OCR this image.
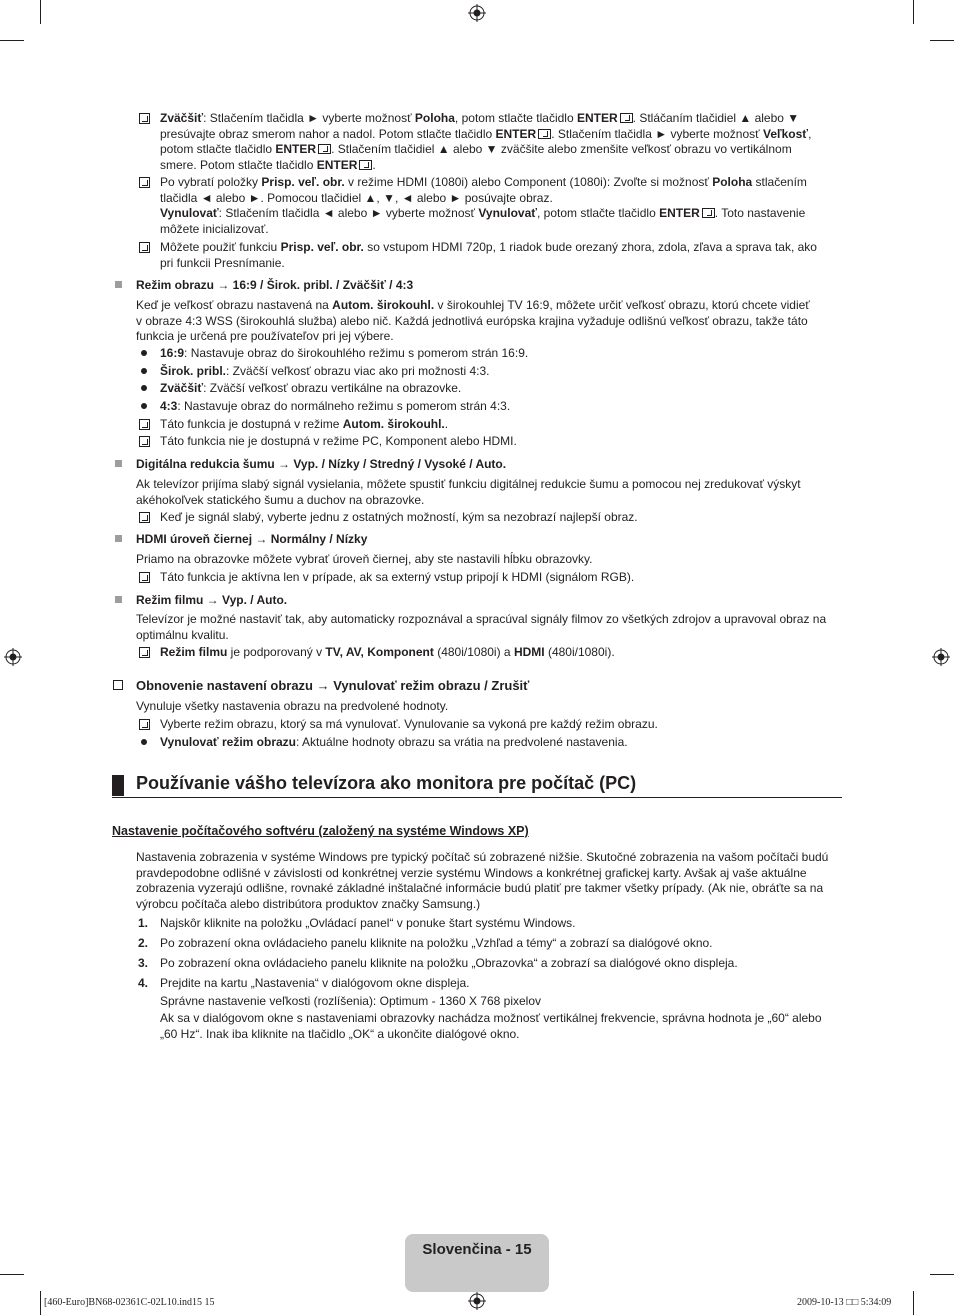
Zväčšiť: Stlačením tlačidla ► vyberte možnosť Poloha, potom stlačte tlačidlo ENTER . Stláčaním tlačidiel ▲ alebo ▼
presúvajte obraz smerom nahor a nadol. Potom stlačte tlačidlo ENTER . Stlačením tlačidla ► vyberte možnosť Veľkosť,
potom stlačte tlačidlo ENTER . Stlačením tlačidiel ▲ alebo ▼ zväčšite alebo zmenšite veľkosť obrazu vo vertikálnom
smere. Potom stlačte tlačidlo ENTER .
Po vybratí položky Prisp. veľ. obr. v režime HDMI (1080i) alebo Component (1080i): Zvoľte si možnosť Poloha stlačením
tlačidla ◄ alebo ►. Pomocou tlačidiel ▲, ▼, ◄ alebo ► posúvajte obraz.
Vynulovať: Stlačením tlačidla ◄ alebo ► vyberte možnosť Vynulovať, potom stlačte tlačidlo ENTER . Toto nastavenie
môžete inicializovať.
Môžete použiť funkciu Prisp. veľ. obr. so vstupom HDMI 720p, 1 riadok bude orezaný zhora, zdola, zľava a sprava tak, ako
pri funkcii Presnímanie.
Režim obrazu → 16:9 / Širok. pribl. / Zväčšiť / 4:3
Keď je veľkosť obrazu nastavená na Autom. širokouhl. v širokouhlej TV 16:9, môžete určiť veľkosť obrazu, ktorú chcete vidieť
v obraze 4:3 WSS (širokouhlá služba) alebo nič. Každá jednotlivá európska krajina vyžaduje odlišnú veľkosť obrazu, takže táto
funkcia je určená pre používateľov pri jej výbere.
16:9: Nastavuje obraz do širokouhlého režimu s pomerom strán 16:9.
Širok. pribl.: Zväčší veľkosť obrazu viac ako pri možnosti 4:3.
Zväčšiť: Zväčší veľkosť obrazu vertikálne na obrazovke.
4:3: Nastavuje obraz do normálneho režimu s pomerom strán 4:3.
Táto funkcia je dostupná v režime Autom. širokouhl..
Táto funkcia nie je dostupná v režime PC, Komponent alebo HDMI.
Digitálna redukcia šumu → Vyp. / Nízky / Stredný / Vysoké / Auto.
Ak televízor prijíma slabý signál vysielania, môžete spustiť funkciu digitálnej redukcie šumu a pomocou nej zredukovať výskyt
akéhokoľvek statického šumu a duchov na obrazovke.
Keď je signál slabý, vyberte jednu z ostatných možností, kým sa nezobrazí najlepší obraz.
HDMI úroveň čiernej → Normálny / Nízky
Priamo na obrazovke môžete vybrať úroveň čiernej, aby ste nastavili hĺbku obrazovky.
Táto funkcia je aktívna len v prípade, ak sa externý vstup pripojí k HDMI (signálom RGB).
Režim filmu → Vyp. / Auto.
Televízor je možné nastaviť tak, aby automaticky rozpoznával a spracúval signály filmov zo všetkých zdrojov a upravoval obraz na
optimálnu kvalitu.
Režim filmu je podporovaný v TV, AV, Komponent (480i/1080i) a HDMI (480i/1080i).
Obnovenie nastavení obrazu → Vynulovať režim obrazu / Zrušiť
Vynuluje všetky nastavenia obrazu na predvolené hodnoty.
Vyberte režim obrazu, ktorý sa má vynulovať. Vynulovanie sa vykoná pre každý režim obrazu.
Vynulovať režim obrazu: Aktuálne hodnoty obrazu sa vrátia na predvolené nastavenia.
Používanie vášho televízora ako monitora pre počítač (PC)
Nastavenie počítačového softvéru (založený na systéme Windows XP)
Nastavenia zobrazenia v systéme Windows pre typický počítač sú zobrazené nižšie. Skutočné zobrazenia na vašom počítači budú
pravdepodobne odlišné v závislosti od konkrétnej verzie systému Windows a konkrétnej grafickej karty. Avšak aj vaše aktuálne
zobrazenia vyzerajú odlišne, rovnaké základné inštalačné informácie budú platiť pre takmer všetky prípady. (Ak nie, obráťte sa na
výrobcu počítača alebo distribútora produktov značky Samsung.)
1. Najskôr kliknite na položku „Ovládací panel“ v ponuke štart systému Windows.
2. Po zobrazení okna ovládacieho panelu kliknite na položku „Vzhľad a témy“ a zobrazí sa dialógové okno.
3. Po zobrazení okna ovládacieho panelu kliknite na položku „Obrazovka“ a zobrazí sa dialógové okno displeja.
4. Prejdite na kartu „Nastavenia“ v dialógovom okne displeja.
Správne nastavenie veľkosti (rozlíšenia): Optimum - 1360 X 768 pixelov
Ak sa v dialógovom okne s nastaveniami obrazovky nachádza možnosť vertikálnej frekvencie, správna hodnota je „60“ alebo
„60 Hz“. Inak iba kliknite na tlačidlo „OK“ a ukončite dialógové okno.
Slovenčina - 15
[460-Euro]BN68-02361C-02L10.ind15 15	2009-10-13 □□ 5:34:09
